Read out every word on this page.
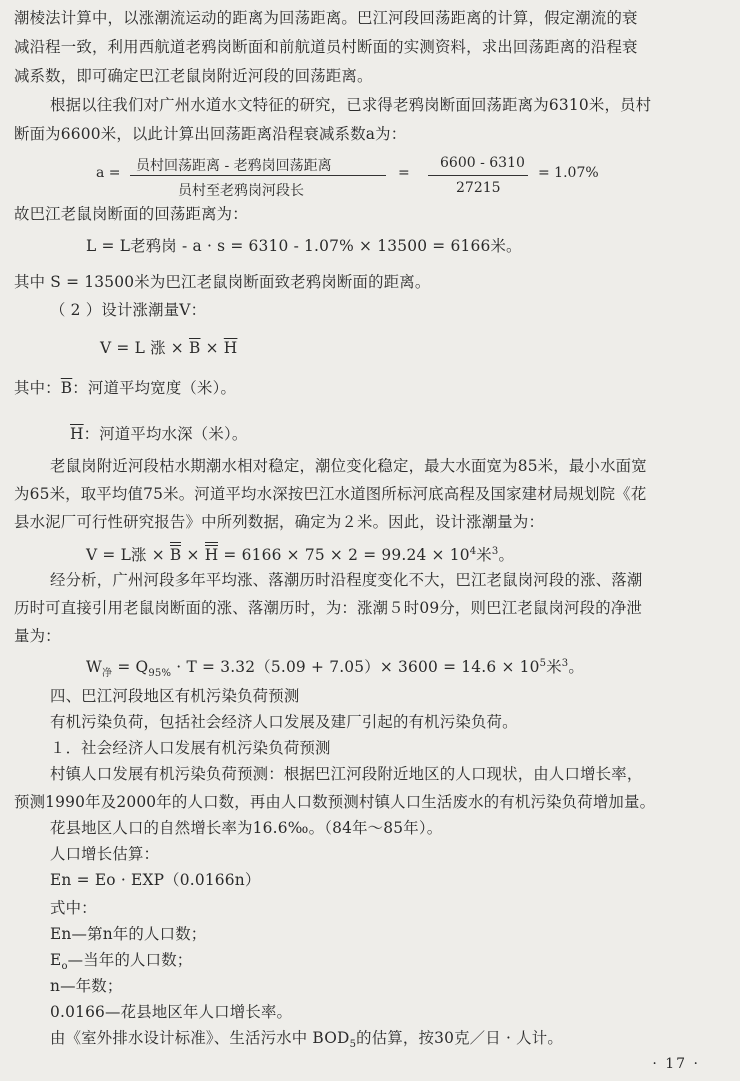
潮棱法计算中，以涨潮流运动的距离为回荡距离。巴江河段回荡距离的计算，假定潮流的衰
减沿程一致，利用西航道老鸦岗断面和前航道员村断面的实测资料，求出回荡距离的沿程衰
减系数，即可确定巴江老鼠岗附近河段的回荡距离。
根据以往我们对广州水道水文特征的研究，已求得老鸦岗断面回荡距离为6310米，员村
断面为6600米，以此计算出回荡距离沿程衰减系数a为：
a = 员村回荡距离 - 老鸦岗回荡距离
员村至老鸦岗河段长
=
6600 - 6310
27215
= 1.07%
故巴江老鼠岗断面的回荡距离为：
L = L老鸦岗 - a · s = 6310 - 1.07% × 13500 = 6166米。
其中 S = 13500米为巴江老鼠岗断面致老鸦岗断面的距离。
（ 2 ）设计涨潮量V：
V = L 涨 × $\overline{B} \times \overline{H}$
其中：$\overline{B}$：河道平均宽度（米）。
$\overline{H}$：河道平均水深（米）。
老鼠岗附近河段枯水期潮水相对稳定，潮位变化稳定，最大水面宽为85米，最小水面宽
为65米，取平均值75米。河道平均水深按巴江水道图所标河底高程及国家建材局规划院《花
县水泥厂可行性研究报告》中所列数据，确定为２米。因此，设计涨潮量为：
V = L涨 × $B \times H = 6166 \times 75 \times 2 = 99.24 \times 10^4$米$^3$。
经分析，广州河段多年平均涨、落潮历时沿程度变化不大，巴江老鼠岗河段的涨、落潮
历时可直接引用老鼠岗断面的涨、落潮历时，为：涨潮５时09分，则巴江老鼠岗河段的净泄
量为：
$W_净 = Q_{95\%} \cdot T = 3.32(5.09 + 7.05)\times 3600 = 14.6 \times 10^5$米$^3$。
四、巴江河段地区有机污染负荷预测
有机污染负荷，包括社会经济人口发展及建厂引起的有机污染负荷。
１．社会经济人口发展有机污染负荷预测
村镇人口发展有机污染负荷预测：根据巴江河段附近地区的人口现状，由人口增长率，
预测1990年及2000年的人口数，再由人口数预测村镇人口生活废水的有机污染负荷增加量。
花县地区人口的自然增长率为16.6‰。（84年～85年）。
人口增长估算：
En = Eo · EXP（0.0166n）
式中：
En—第n年的人口数；
$E_o—$当年的人口数；
n—年数；
0.0166—花县地区年人口增长率。
由《室外排水设计标准》、生活污水中 $BOD_5$的估算，按30克／日 · 人计。
· 17 ·
